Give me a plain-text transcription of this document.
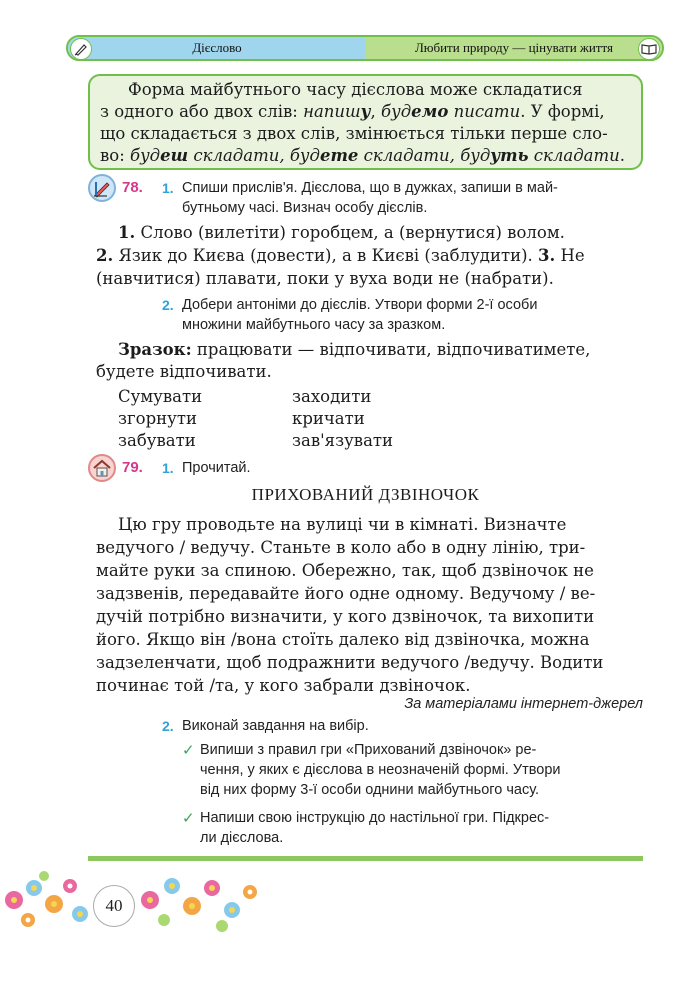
Дієслово	Любити природу — цінувати життя
Форма майбутнього часу дієслова може складатися
з одного або двох слів: напишу, будемо писати. У формі,
що складається з двох слів, змінюється тільки перше сло-
во: будеш складати, будете складати, будуть складати.
78. 1. Спиши прислів'я. Дієслова, що в дужках, запиши в май-
бутньому часі. Визнач особу дієслів.
1. Слово (вилетіти) горобцем, а (вернутися) волом.
2. Язик до Києва (довести), а в Києві (заблудити). 3. Не
(навчитися) плавати, поки у вуха води не (набрати).
2. Добери антоніми до дієслів. Утвори форми 2-ї особи
множини майбутнього часу за зразком.
Зразок: працювати — відпочивати, відпочиватимете,
будете відпочивати.
Сумувати	заходити
згорнути	кричати
забувати	зав'язувати
79. 1. Прочитай.
ПРИХОВАНИЙ ДЗВІНОЧОК
Цю гру проводьте на вулиці чи в кімнаті. Визначте
ведучого / ведучу. Станьте в коло або в одну лінію, три-
майте руки за спиною. Обережно, так, щоб дзвіночок не
задзвенів, передавайте його одне одному. Ведучому / ве-
дучій потрібно визначити, у кого дзвіночок, та вихопити
його. Якщо він /вона стоїть далеко від дзвіночка, можна
задзеленчати, щоб подражнити ведучого /ведучу. Водити
починає той /та, у кого забрали дзвіночок.
За матеріалами інтернет-джерел
2. Виконай завдання на вибір.
✓ Випиши з правил гри «Прихований дзвіночок» ре-
чення, у яких є дієслова в неозначеній формі. Утвори
від них форму 3-ї особи однини майбутнього часу.
✓ Напиши свою інструкцію до настільної гри. Підкрес-
ли дієслова.
40
